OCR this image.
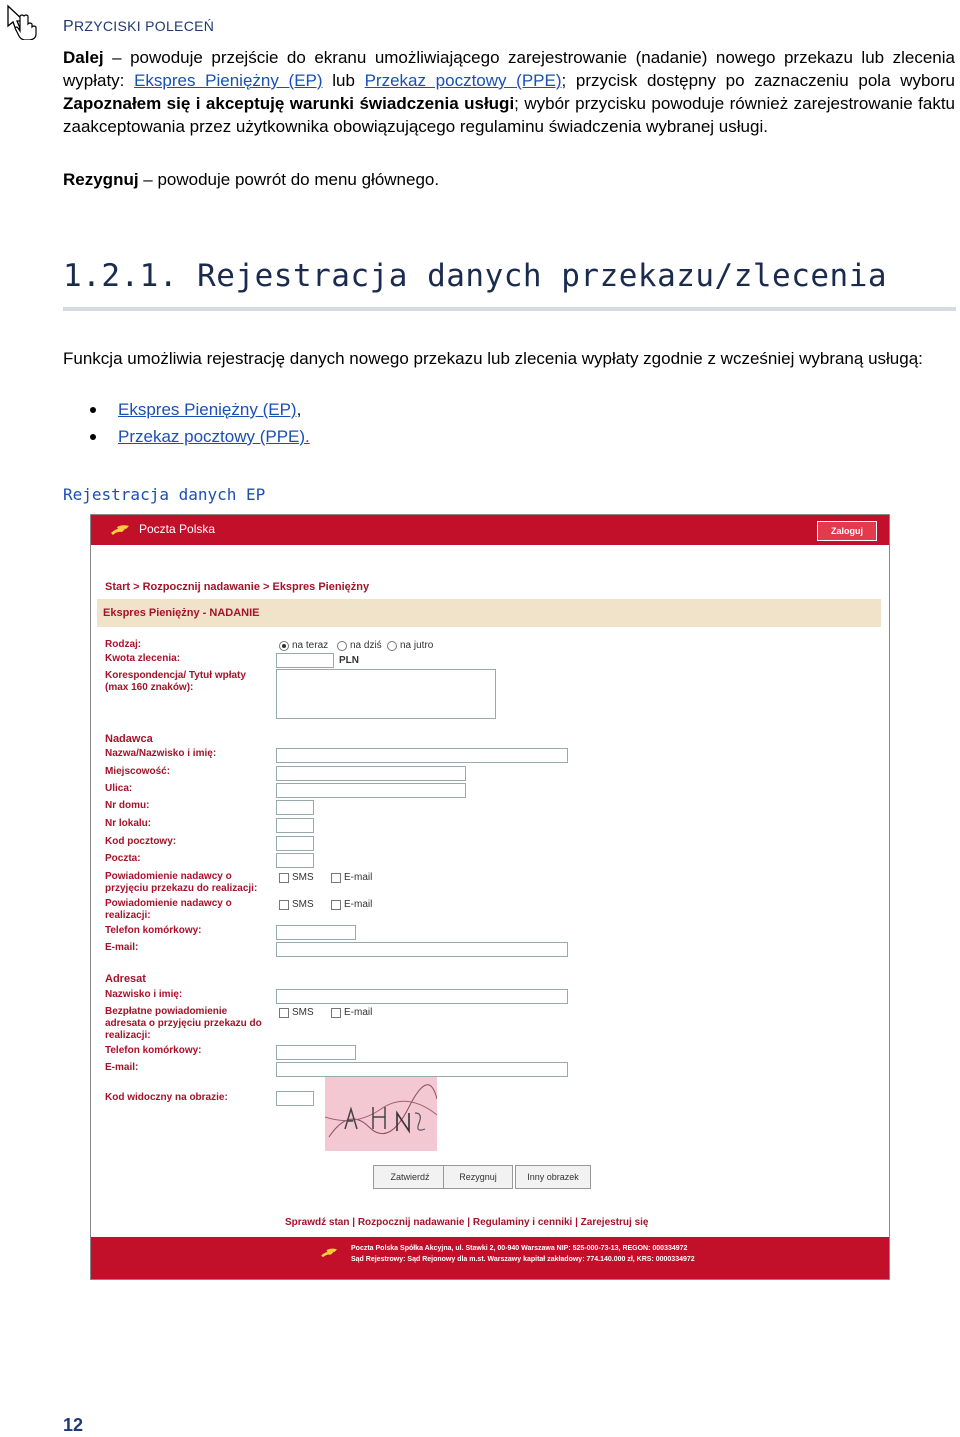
PRZYCISKI POLECEŃ
Dalej – powoduje przejście do ekranu umożliwiającego zarejestrowanie (nadanie) nowego przekazu lub zlecenia wypłaty: Ekspres Pieniężny (EP) lub Przekaz pocztowy (PPE); przycisk dostępny po zaznaczeniu pola wyboru Zapoznałem się i akceptuję warunki świadczenia usługi; wybór przycisku powoduje również zarejestrowanie faktu zaakceptowania przez użytkownika obowiązującego regulaminu świadczenia wybranej usługi.
Rezygnuj – powoduje powrót do menu głównego.
1.2.1. Rejestracja danych przekazu/zlecenia
Funkcja umożliwia rejestrację danych nowego przekazu lub zlecenia wypłaty zgodnie z wcześniej wybraną usługą:
Ekspres Pieniężny (EP),
Przekaz pocztowy (PPE).
Rejestracja danych EP
Poczta Polska	Zaloguj
Start > Rozpocznij nadawanie > Ekspres Pieniężny
Ekspres Pieniężny - NADANIE
Rodzaj:	na teraz na dziś na jutro
Kwota zlecenia:	PLN
Korespondencja/ Tytuł wpłaty
(max 160 znaków):
Nadawca
Nazwa/Nazwisko i imię:
Miejscowość:
Ulica:
Nr domu:
Nr lokalu:
Kod pocztowy:
Poczta:
Powiadomienie nadawcy o
przyjęciu przekazu do realizacji:
SMS	E-mail
Powiadomienie nadawcy o
realizacji:
SMS	E-mail
Telefon komórkowy:
E-mail:
Adresat
Nazwisko i imię:
Bezpłatne powiadomienie
adresata o przyjęciu przekazu do
realizacji:
SMS	E-mail
Telefon komórkowy:
E-mail:
Kod widoczny na obrazie:
Zatwierdź	Rezygnuj	Inny obrazek
Sprawdź stan | Rozpocznij nadawanie | Regulaminy i cenniki | Zarejestruj się
Poczta Polska Spółka Akcyjna, ul. Stawki 2, 00-940 Warszawa NIP: 525-000-73-13, REGON: 000334972
Sąd Rejestrowy: Sąd Rejonowy dla m.st. Warszawy kapitał zakładowy: 774.140.000 zł, KRS: 0000334972
12
